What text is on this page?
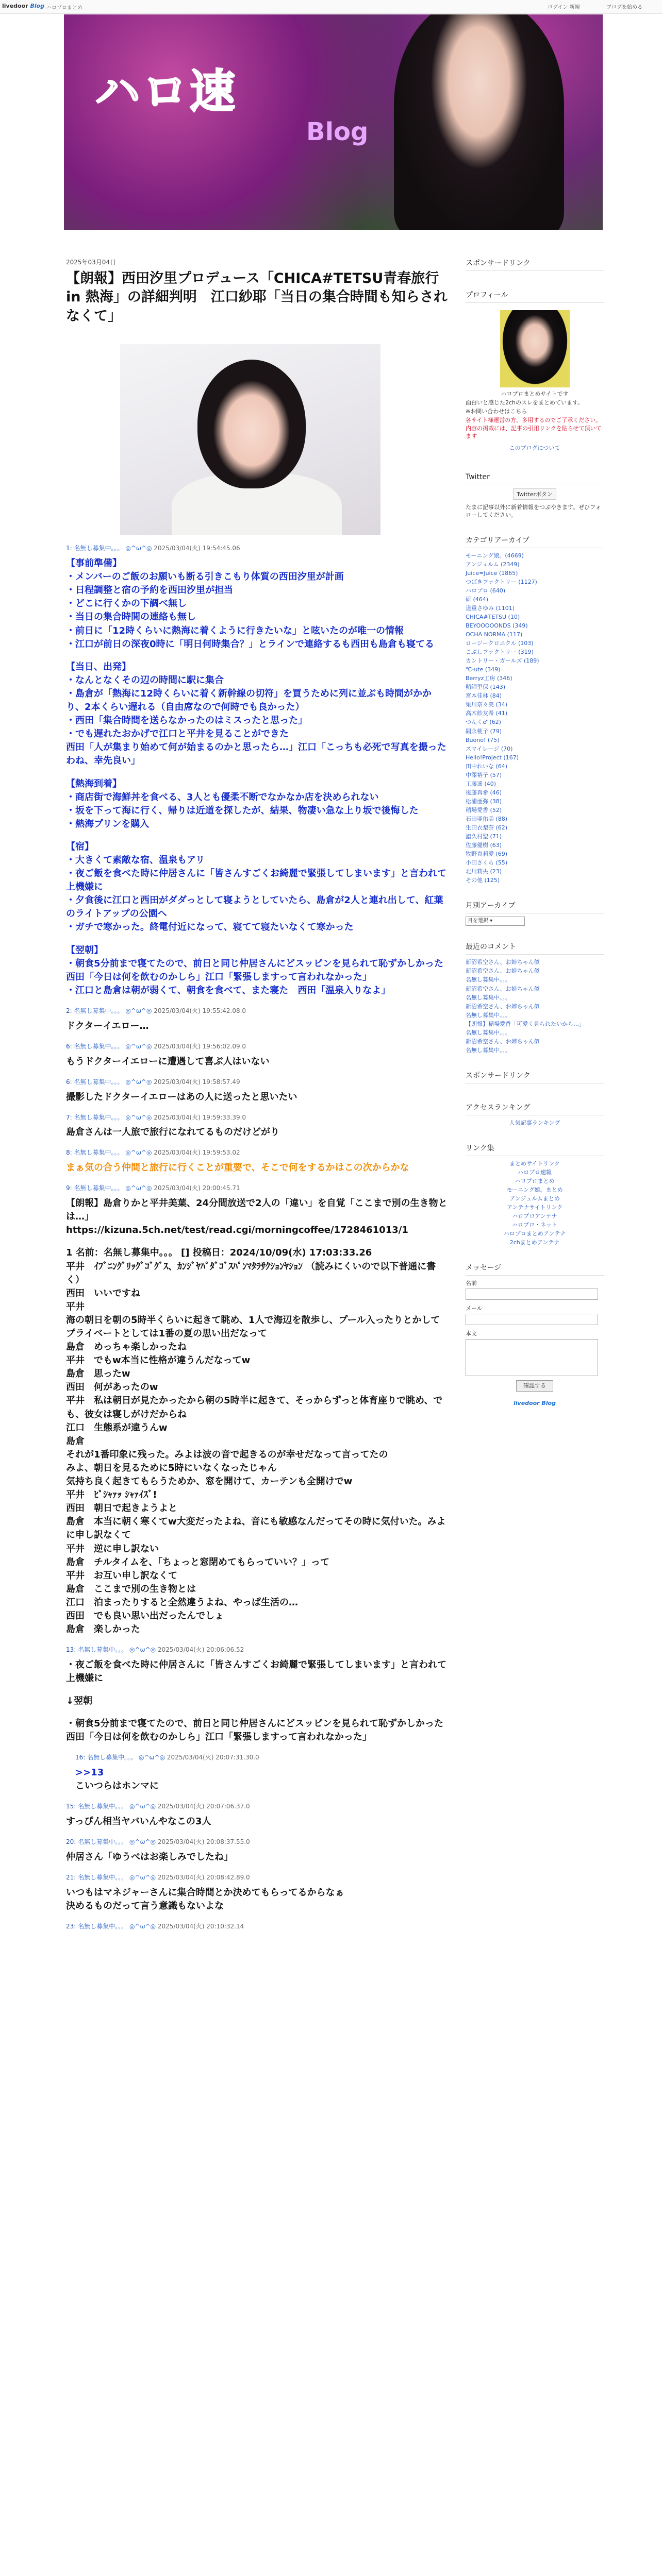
livedoor Blog ハロプロまとめ	ログイン 新規	ブログを始める
ハロ速
Blog
2025年03月04日
【朗報】西田汐里プロデュース「CHICA#TETSU青春旅行 in 熱海」の詳細判明　江口紗耶「当日の集合時間も知らされなくて」
1: 名無し募集中。。。 ◎^ω^◎ 2025/03/04(火) 19:54:45.06
【事前準備】
・メンバーのご飯のお願いも断る引きこもり体質の西田汐里が計画
・日程調整と宿の予約を西田汐里が担当
・どこに行くかの下調べ無し
・当日の集合時間の連絡も無し
・前日に「12時くらいに熱海に着くように行きたいな」と呟いたのが唯一の情報
・江口が前日の深夜0時に「明日何時集合？」とラインで連絡するも西田も島倉も寝てる
【当日、出発】
・なんとなくその辺の時間に駅に集合
・島倉が「熱海に12時くらいに着く新幹線の切符」を買うために列に並ぶも時間がかかり、2本くらい遅れる（自由席なので何時でも良かった）
・西田「集合時間を送らなかったのはミスったと思った」
・でも遅れたおかげで江口と平井を見ることができた
西田「人が集まり始めて何が始まるのかと思ったら…」江口「こっちも必死で写真を撮ったわね、幸先良い」
【熱海到着】
・商店街で海鮮丼を食べる、3人とも優柔不断でなかなか店を決められない
・坂を下って海に行く、帰りは近道を探したが、結果、物凄い急な上り坂で後悔した
・熱海プリンを購入
【宿】
・大きくて素敵な宿、温泉もアリ
・夜ご飯を食べた時に仲居さんに「皆さんすごくお綺麗で緊張してしまいます」と言われて上機嫌に
・夕食後に江口と西田がダダっとして寝ようとしていたら、島倉が2人と連れ出して、紅葉のライトアップの公園へ
・ガチで寒かった。終電付近になって、寝てて寝たいなくて寒かった
【翌朝】
・朝食5分前まで寝てたので、前日と同じ仲居さんにどスッピンを見られて恥ずかしかった
西田「今日は何を飲むのかしら」江口「緊張しますって言われなかった」
・江口と島倉は朝が弱くて、朝食を食べて、また寝た　西田「温泉入りなよ」
2: 名無し募集中。。。 ◎^ω^◎ 2025/03/04(火) 19:55:42.08.0
ドクターイエロー…
6: 名無し募集中。。。 ◎^ω^◎ 2025/03/04(火) 19:56:02.09.0
もうドクターイエローに遭遇して喜ぶ人はいない
6: 名無し募集中。。。 ◎^ω^◎ 2025/03/04(火) 19:58:57.49
撮影したドクターイエローはあの人に送ったと思いたい
7: 名無し募集中。。。 ◎^ω^◎ 2025/03/04(火) 19:59:33.39.0
島倉さんは一人旅で旅行になれてるものだけどがり
8: 名無し募集中。。。 ◎^ω^◎ 2025/03/04(火) 19:59:53.02
まぁ気の合う仲間と旅行に行くことが重要で、そこで何をするかはこの次からかな
9: 名無し募集中。。。 ◎^ω^◎ 2025/03/04(火) 20:00:45.71
【朗報】島倉りかと平井美葉、24分間放送で2人の「違い」を自覚「ここまで別の生き物とは…」
https://kizuna.5ch.net/test/read.cgi/morningcoffee/1728461013/1
1 名前：名無し募集中。。。 [] 投稿日：2024/10/09(水) 17:03:33.26
平井　ｲﾌﾞﾆﾝｸﾞﾘｯｸﾞｺﾞｸﾞｽ、ｶﾝｼﾞﾔﾊﾟﾀﾞｺﾞｽﾊﾟﾝﾏﾀﾗｻｸｼｮﾝﾔｼｮﾝ （読みにくいので以下普通に書く）
西田　いいですね
平井
海の朝日を朝の5時半くらいに起きて眺め、1人で海辺を散歩し、プール入ったりとかして
プライベートとしては1番の夏の思い出だなって
島倉　めっちゃ楽しかったね
平井　でもw本当に性格が違うんだなってw
島倉　思ったw
西田　何があったのw
平井　私は朝日が見たかったから朝の5時半に起きて、そっからずっと体育座りで眺め、でも、彼女は寝しがけだからね
江口　生態系が違うんw
島倉
それが1番印象に残った。みよは波の音で起きるのが幸せだなって言ってたの
みよ、朝日を見るために5時にいなくなったじゃん
気持ち良く起きてもらうためか、窓を開けて、カーテンも全開けでw
平井　ﾋﾟｼｬｧｯ ｼｬｧｲｽﾞ!
西田　朝日で起きようよと
島倉　本当に朝く寒くてw大変だったよね、音にも敏感なんだってその時に気付いた。みよに申し訳なくて
平井　逆に申し訳ない
島倉　チルタイムを、「ちょっと窓閉めてもらっていい？」って
平井　お互い申し訳なくて
島倉　ここまで別の生き物とは
江口　泊まったりすると全然違うよね、やっぱ生活の…
西田　でも良い思い出だったんでしょ
島倉　楽しかった
13: 名無し募集中。。。 ◎^ω^◎ 2025/03/04(火) 20:06:06.52
・夜ご飯を食べた時に仲居さんに「皆さんすごくお綺麗で緊張してしまいます」と言われて上機嫌に
↓翌朝
・朝食5分前まで寝てたので、前日と同じ仲居さんにどスッピンを見られて恥ずかしかった
西田「今日は何を飲むのかしら」江口「緊張しますって言われなかった」
16: 名無し募集中。。。 ◎^ω^◎ 2025/03/04(火) 20:07:31.30.0
>>13
こいつらはホンマに
15: 名無し募集中。。。 ◎^ω^◎ 2025/03/04(火) 20:07:06.37.0
すっぴん相当ヤバいんやなこの3人
20: 名無し募集中。。。 ◎^ω^◎ 2025/03/04(火) 20:08:37.55.0
仲居さん「ゆうべはお楽しみでしたね」
21: 名無し募集中。。。 ◎^ω^◎ 2025/03/04(火) 20:08:42.89.0
いつもはマネジャーさんに集合時間とか決めてもらってるからなぁ
決めるものだって言う意識もないよな
23: 名無し募集中。。。 ◎^ω^◎ 2025/03/04(火) 20:10:32.14
スポンサードリンク
プロフィール

ハロプロまとめサイトです

面白いと感じた2chのスレをまとめています。

※お問い合わせはこちら

各サイト様運営の方。多用するのでご了承ください。

内容の掲載には、記事の引用リンクを貼らせて頂いてます

このブログについて

Twitter
Twitterボタン

たまに記事以外に新着情報をつぶやきます。ぜひフォローしてください。

カテゴリアーカイブ
モーニング娘。(4669)
アンジュルム (2349)
Juice=Juice (1865)
つばきファクトリー (1127)
ハロプロ (640)
研 (464)
道重さゆみ (1101)
CHICA#TETSU (10)
BEYOOOOONDS (349)
OCHA NORMA (117)
ロージークロニクル (103)
こぶしファクトリー (319)
カントリー・ガールズ (189)
℃-ute (349)
Berryz工房 (346)
鞘師里保 (143)
宮本佳林 (84)
梁川奈々美 (34)
高木紗友希 (41)
つんく♂ (62)
嗣永桃子 (79)
Buono! (75)
スマイレージ (70)
Hello!Project (167)
田中れいな (64)
中澤裕子 (57)
工藤遥 (40)
後藤真希 (46)
松浦亜弥 (38)
稲場愛香 (52)
石田亜佑美 (88)
生田衣梨奈 (62)
譜久村聖 (71)
佐藤優樹 (63)
牧野真莉愛 (69)
小田さくら (55)
北川莉央 (23)
その他 (125)
月別アーカイブ
月を選択 ▾
最近のコメント
新沼希空さん、お姉ちゃん似
新沼希空さん、お姉ちゃん似
名無し募集中。。。
新沼希空さん、お姉ちゃん似
名無し募集中。。。
新沼希空さん、お姉ちゃん似
名無し募集中。。。
【朗報】稲場愛香「可愛く見られたいから…」
名無し募集中。。。
新沼希空さん、お姉ちゃん似
名無し募集中。。。
スポンサードリンク
アクセスランキング

人気記事ランキング

リンク集
まとめサイトリンク
ハロプロ速報
ハロプロまとめ
モーニング娘。まとめ
アンジュルムまとめ
アンテナサイトリンク
ハロプロアンテナ
ハロプロ・ネット
ハロプロまとめアンテナ
2chまとめアンテナ
メッセージ
名前
メール
本文
確認する

livedoor Blog
